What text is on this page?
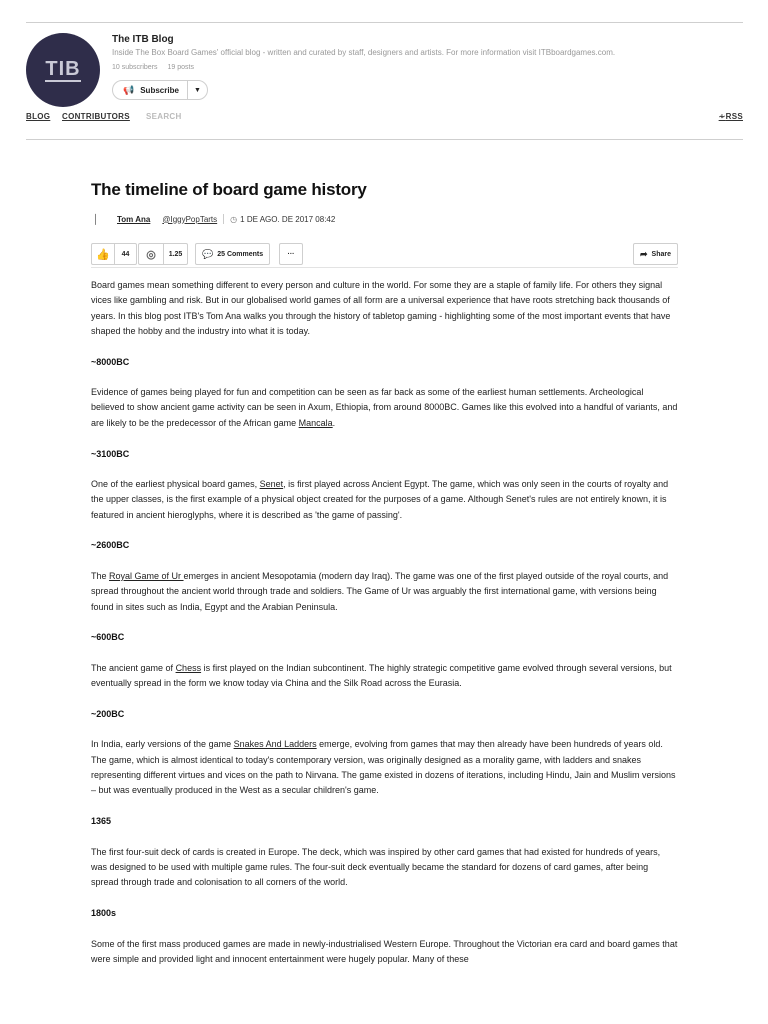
TIB
The ITB Blog
Inside The Box Board Games' official blog - written and curated by staff, designers and artists. For more information visit ITBboardgames.com.
10 subscribers 19 posts
📢 Subscribe ▼
BLOG CONTRIBUTORS SEARCH	∻RSS
The timeline of board game history
│ Tom Ana @IggyPopTarts ◷ 1 DE AGO. DE 2017 08:42
👍	44	◎	1.25	💬 25 Comments	···	➦ Share

Board games mean something different to every person and culture in the world. For some they are a staple of family life. For others they signal vices like gambling and risk. But in our globalised world games of all form are a universal experience that have roots stretching back thousands of years. In this blog post ITB's Tom Ana walks you through the history of tabletop gaming - highlighting some of the most important events that have shaped the hobby and the industry into what it is today.

~8000BC

Evidence of games being played for fun and competition can be seen as far back as some of the earliest human settlements. Archeological believed to show ancient game activity can be seen in Axum, Ethiopia, from around 8000BC. Games like this evolved into a handful of variants, and are likely to be the predecessor of the African game Mancala.

~3100BC

One of the earliest physical board games, Senet, is first played across Ancient Egypt. The game, which was only seen in the courts of royalty and the upper classes, is the first example of a physical object created for the purposes of a game. Although Senet's rules are not entirely known, it is featured in ancient hieroglyphs, where it is described as 'the game of passing'.

~2600BC

The Royal Game of Ur emerges in ancient Mesopotamia (modern day Iraq). The game was one of the first played outside of the royal courts, and spread throughout the ancient world through trade and soldiers. The Game of Ur was arguably the first international game, with versions being found in sites such as India, Egypt and the Arabian Peninsula.

~600BC

The ancient game of Chess is first played on the Indian subcontinent. The highly strategic competitive game evolved through several versions, but eventually spread in the form we know today via China and the Silk Road across the Eurasia.

~200BC

In India, early versions of the game Snakes And Ladders emerge, evolving from games that may then already have been hundreds of years old. The game, which is almost identical to today's contemporary version, was originally designed as a morality game, with ladders and snakes representing different virtues and vices on the path to Nirvana. The game existed in dozens of iterations, including Hindu, Jain and Muslim versions – but was eventually produced in the West as a secular children's game.

1365

The first four-suit deck of cards is created in Europe. The deck, which was inspired by other card games that had existed for hundreds of years, was designed to be used with multiple game rules. The four-suit deck eventually became the standard for dozens of card games, after being spread through trade and colonisation to all corners of the world.

1800s

Some of the first mass produced games are made in newly-industrialised Western Europe. Throughout the Victorian era card and board games that were simple and provided light and innocent entertainment were hugely popular. Many of these
